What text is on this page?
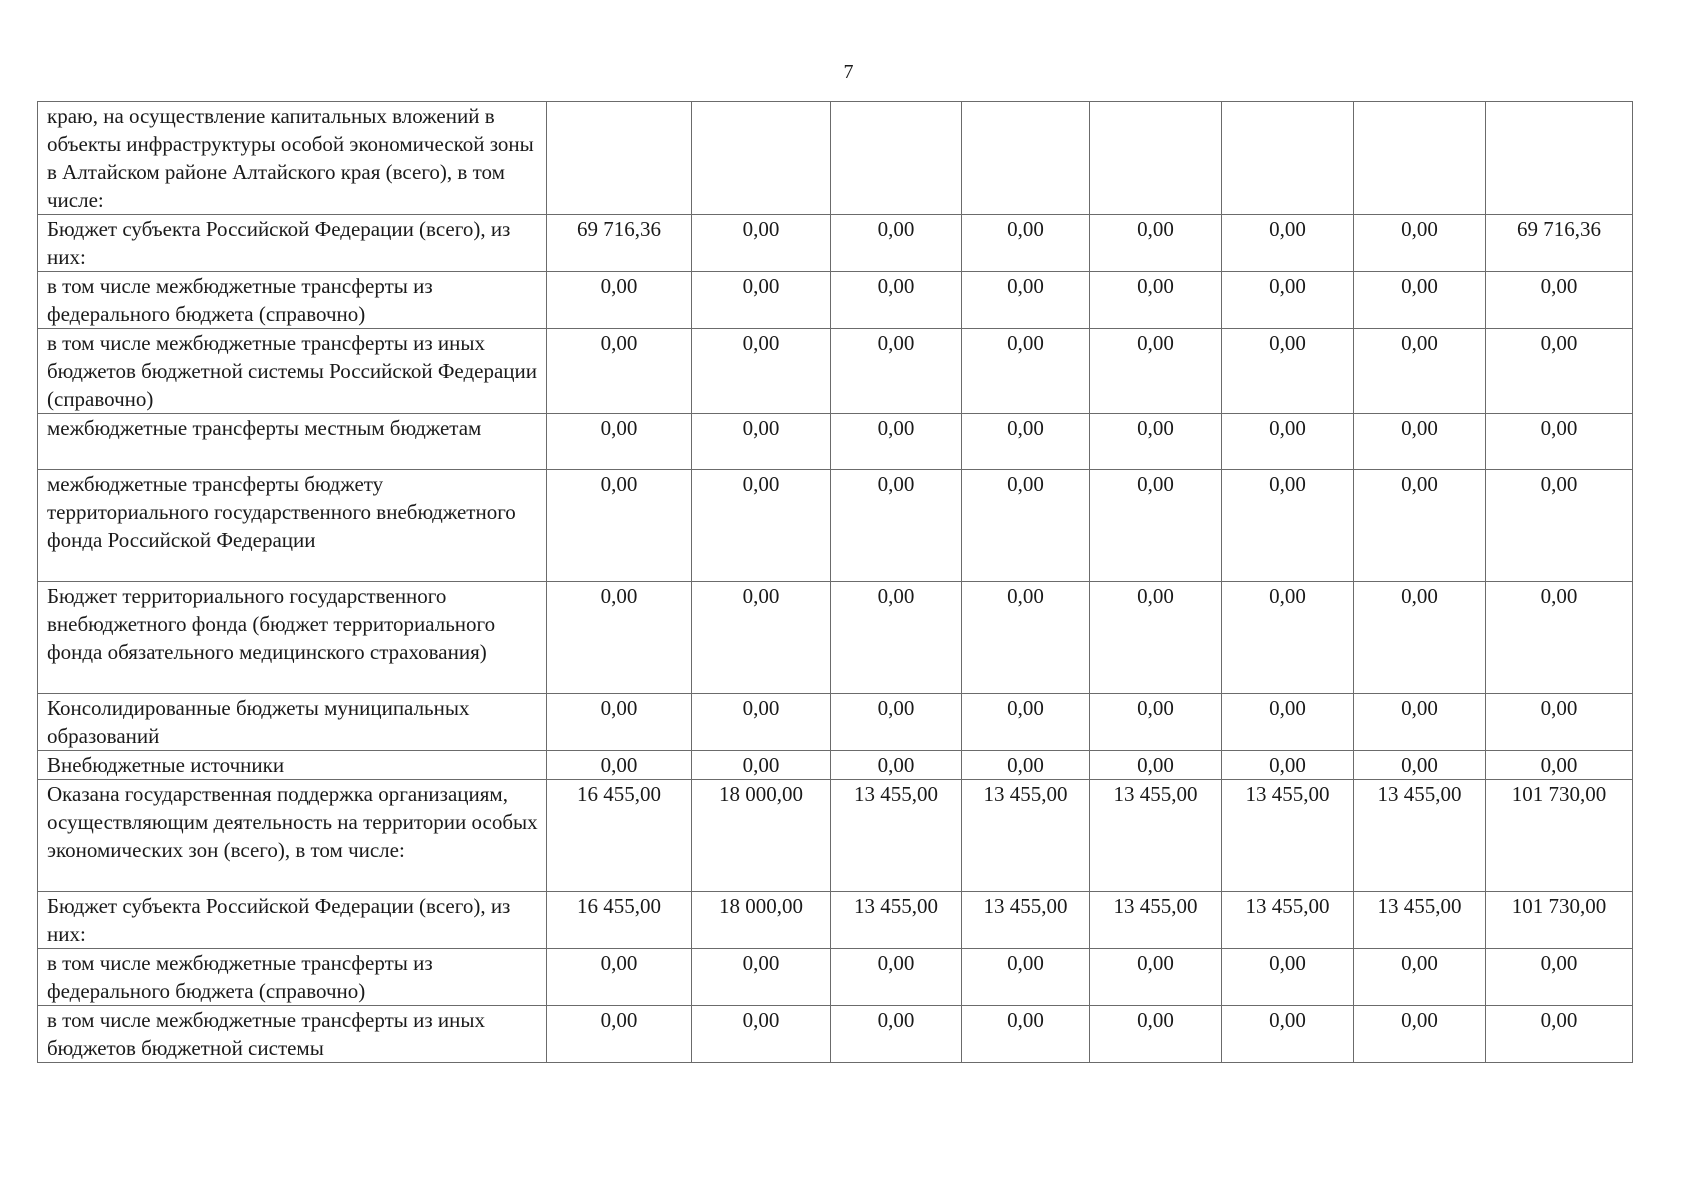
7
краю, на осуществление капитальных вложений в объекты инфраструктуры особой экономической зоны в Алтайском районе Алтайского края (всего), в том числе:								
Бюджет субъекта Российской Федерации (всего), из них:	69 716,36	0,00	0,00	0,00	0,00	0,00	0,00	69 716,36
в том числе межбюджетные трансферты из федерального бюджета (справочно)	0,00	0,00	0,00	0,00	0,00	0,00	0,00	0,00
в том числе межбюджетные трансферты из иных бюджетов бюджетной системы Российской Федерации (справочно)	0,00	0,00	0,00	0,00	0,00	0,00	0,00	0,00
межбюджетные трансферты местным бюджетам	0,00	0,00	0,00	0,00	0,00	0,00	0,00	0,00
межбюджетные трансферты бюджету территориального государственного внебюджетного фонда Российской Федерации	0,00	0,00	0,00	0,00	0,00	0,00	0,00	0,00
Бюджет территориального государственного внебюджетного фонда (бюджет территориального фонда обязательного медицинского страхования)	0,00	0,00	0,00	0,00	0,00	0,00	0,00	0,00
Консолидированные бюджеты муниципальных образований	0,00	0,00	0,00	0,00	0,00	0,00	0,00	0,00
Внебюджетные источники	0,00	0,00	0,00	0,00	0,00	0,00	0,00	0,00
Оказана государственная поддержка организациям, осуществляющим деятельность на территории особых экономических зон (всего), в том числе:	16 455,00	18 000,00	13 455,00	13 455,00	13 455,00	13 455,00	13 455,00	101 730,00
Бюджет субъекта Российской Федерации (всего), из них:	16 455,00	18 000,00	13 455,00	13 455,00	13 455,00	13 455,00	13 455,00	101 730,00
в том числе межбюджетные трансферты из федерального бюджета (справочно)	0,00	0,00	0,00	0,00	0,00	0,00	0,00	0,00
в том числе межбюджетные трансферты из иных бюджетов бюджетной системы	0,00	0,00	0,00	0,00	0,00	0,00	0,00	0,00
